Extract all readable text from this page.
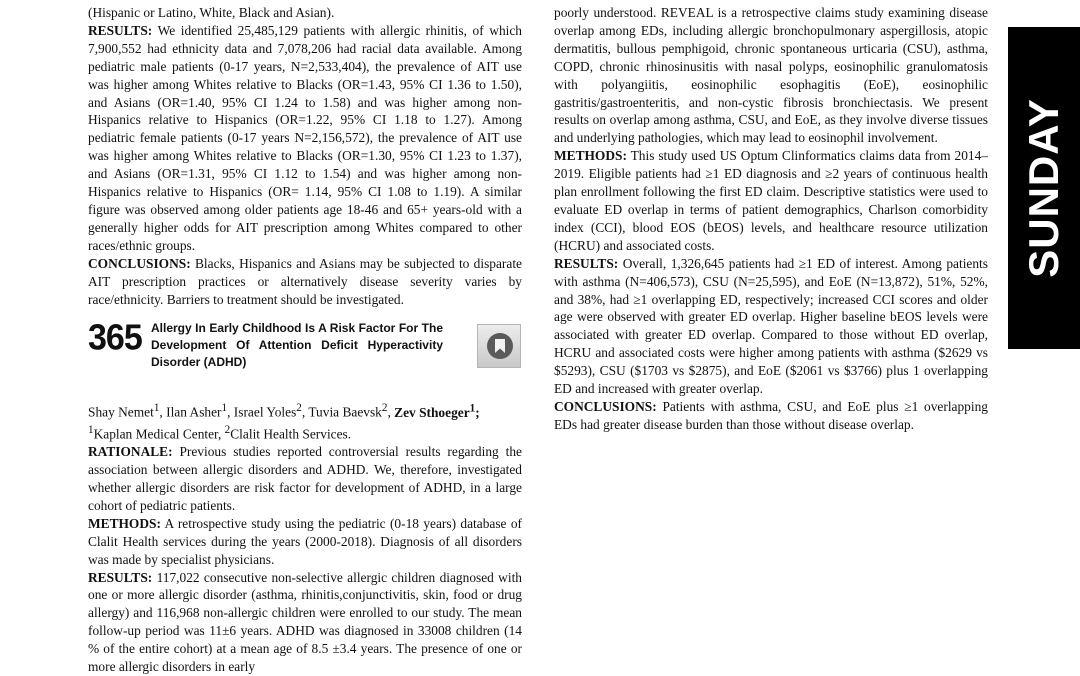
(Hispanic or Latino, White, Black and Asian).

RESULTS: We identified 25,485,129 patients with allergic rhinitis, of which 7,900,552 had ethnicity data and 7,078,206 had racial data available. Among pediatric male patients (0-17 years, N=2,533,404), the prevalence of AIT use was higher among Whites relative to Blacks (OR=1.43, 95% CI 1.36 to 1.50), and Asians (OR=1.40, 95% CI 1.24 to 1.58) and was higher among non-Hispanics relative to Hispanics (OR=1.22, 95% CI 1.18 to 1.27). Among pediatric female patients (0-17 years N=2,156,572), the prevalence of AIT use was higher among Whites relative to Blacks (OR=1.30, 95% CI 1.23 to 1.37), and Asians (OR=1.31, 95% CI 1.12 to 1.54) and was higher among non-Hispanics relative to Hispanics (OR= 1.14, 95% CI 1.08 to 1.19). A similar figure was observed among older patients age 18-46 and 65+ years-old with a generally higher odds for AIT prescription among Whites compared to other races/ethnic groups.

CONCLUSIONS: Blacks, Hispanics and Asians may be subjected to disparate AIT prescription practices or alternatively disease severity varies by race/ethnicity. Barriers to treatment should be investigated.

365 Allergy In Early Childhood Is A Risk Factor For The Development Of Attention Deficit Hyperactivity Disorder (ADHD)

Shay Nemet$^1$, Ilan Asher$^1$, Israel Yoles$^2$, Tuvia Baevsk$^2$, Zev Sthoeger$^1$;
$^1$Kaplan Medical Center, $^2$Clalit Health Services.

RATIONALE: Previous studies reported controversial results regarding the association between allergic disorders and ADHD. We, therefore, investigated whether allergic disorders are risk factor for development of ADHD, in a large cohort of pediatric patients.

METHODS: A retrospective study using the pediatric (0-18 years) database of Clalit Health services during the years (2000-2018). Diagnosis of all disorders was made by specialist physicians.

RESULTS: 117,022 consecutive non-selective allergic children diagnosed with one or more allergic disorder (asthma, rhinitis,conjunctivitis, skin, food or drug allergy) and 116,968 non-allergic children were enrolled to our study. The mean follow-up period was 11±6 years. ADHD was diagnosed in 33008 children (14 % of the entire cohort) at a mean age of 8.5 ±3.4 years. The presence of one or more allergic disorders in early

poorly understood. REVEAL is a retrospective claims study examining disease overlap among EDs, including allergic bronchopulmonary aspergillosis, atopic dermatitis, bullous pemphigoid, chronic spontaneous urticaria (CSU), asthma, COPD, chronic rhinosinusitis with nasal polyps, eosinophilic granulomatosis with polyangiitis, eosinophilic esophagitis (EoE), eosinophilic gastritis/gastroenteritis, and non-cystic fibrosis bronchiectasis. We present results on overlap among asthma, CSU, and EoE, as they involve diverse tissues and underlying pathologies, which may lead to eosinophil involvement.

METHODS: This study used US Optum Clinformatics claims data from 2014–2019. Eligible patients had ≥1 ED diagnosis and ≥2 years of continuous health plan enrollment following the first ED claim. Descriptive statistics were used to evaluate ED overlap in terms of patient demographics, Charlson comorbidity index (CCI), blood EOS (bEOS) levels, and healthcare resource utilization (HCRU) and associated costs.

RESULTS: Overall, 1,326,645 patients had ≥1 ED of interest. Among patients with asthma (N=406,573), CSU (N=25,595), and EoE (N=13,872), 51%, 52%, and 38%, had ≥1 overlapping ED, respectively; increased CCI scores and older age were observed with greater ED overlap. Higher baseline bEOS levels were associated with greater ED overlap. Compared to those without ED overlap, HCRU and associated costs were higher among patients with asthma ($2629 vs $5293), CSU ($1703 vs $2875), and EoE ($2061 vs $3766) plus 1 overlapping ED and increased with greater overlap.

CONCLUSIONS: Patients with asthma, CSU, and EoE plus ≥1 overlapping EDs had greater disease burden than those without disease overlap.

SUNDAY
